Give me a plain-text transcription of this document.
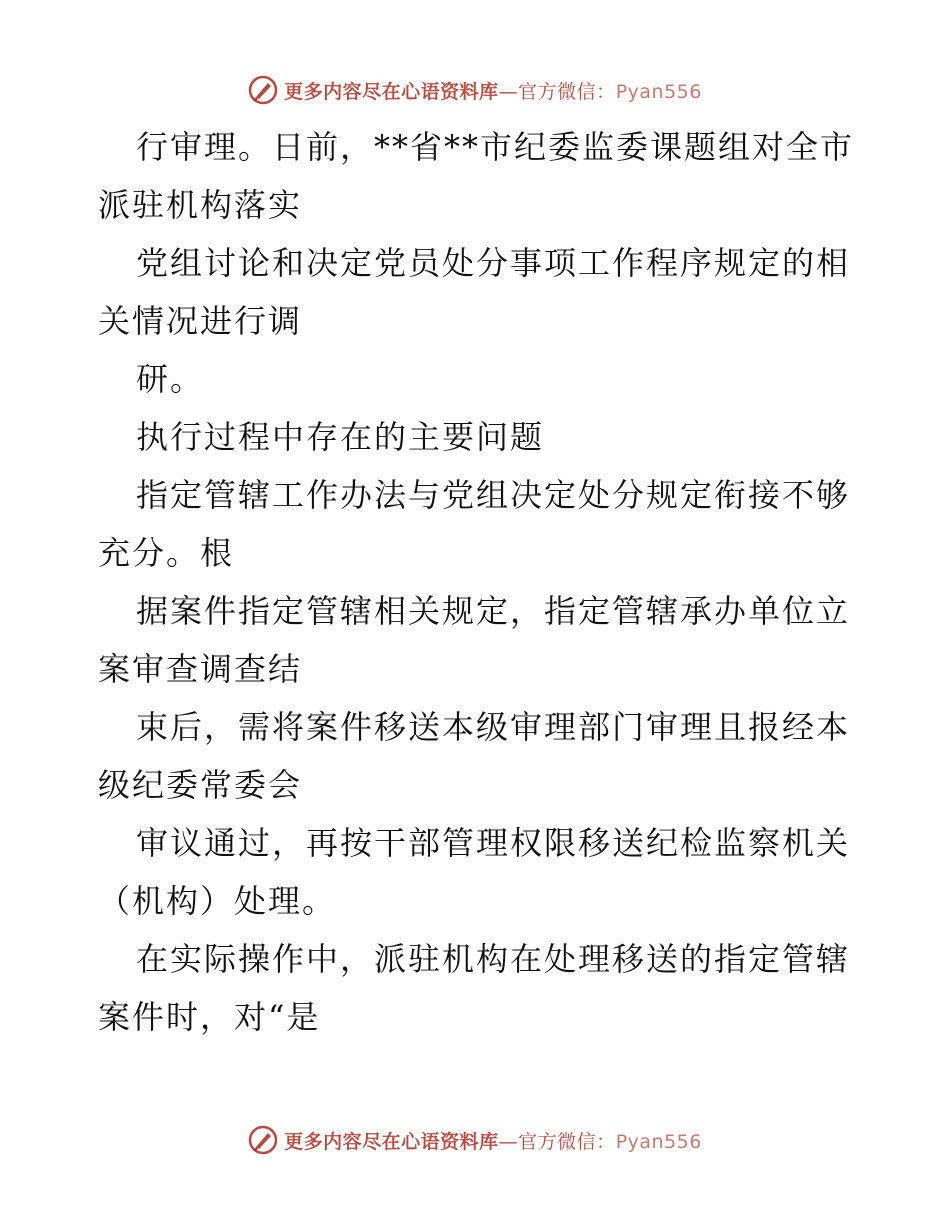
更多内容尽在心语资料库—官方微信：Pyan556
行审理。日前，**省**市纪委监委课题组对全市
派驻机构落实
党组讨论和决定党员处分事项工作程序规定的相
关情况进行调
研。
执行过程中存在的主要问题
指定管辖工作办法与党组决定处分规定衔接不够
充分。根
据案件指定管辖相关规定，指定管辖承办单位立
案审查调查结
束后，需将案件移送本级审理部门审理且报经本
级纪委常委会
审议通过，再按干部管理权限移送纪检监察机关
（机构）处理。
在实际操作中，派驻机构在处理移送的指定管辖
案件时，对“是
更多内容尽在心语资料库—官方微信：Pyan556
